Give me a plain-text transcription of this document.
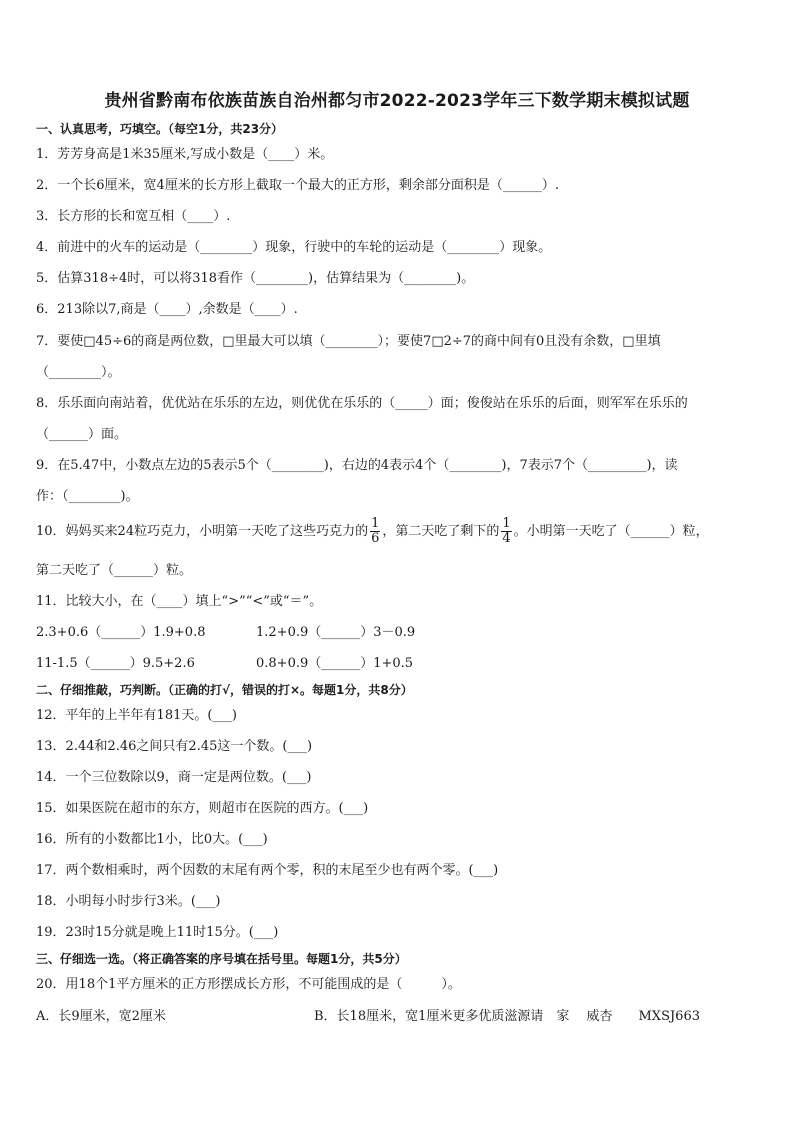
贵州省黔南布依族苗族自治州都匀市2022-2023学年三下数学期末模拟试题
一、认真思考，巧填空。（每空1分，共23分）
1．芳芳身高是1米35厘米,写成小数是（____）米。
2．一个长6厘米，宽4厘米的长方形上截取一个最大的正方形，剩余部分面积是（______）.
3．长方形的长和宽互相（____）.
4．前进中的火车的运动是（________）现象，行驶中的车轮的运动是（________）现象。
5．估算318÷4时，可以将318看作（________)，估算结果为（________)。
6．213除以7,商是（____）,余数是（____）.
7．要使□45÷6的商是两位数，□里最大可以填（________）；要使7□2÷7的商中间有0且没有余数，□里填
（________）。
8．乐乐面向南站着，优优站在乐乐的左边，则优优在乐乐的（_____）面；俊俊站在乐乐的后面，则军军在乐乐的
（______）面。
9．在5.47中，小数点左边的5表示5个（________)，右边的4表示4个（________)，7表示7个（_________)，读
作：（________)。
10．妈妈买来24粒巧克力，小明第一天吃了这些巧克力的 $\frac{1}{6}$ ，第二天吃了剩下的 $\frac{1}{4}$ 。小明第一天吃了（______）粒，
第二天吃了（______）粒。
11．比较大小，在（____）填上“>”“<”或“＝”。
2.3+0.6（______）1.9+0.8	1.2+0.9（______）3－0.9
11-1.5（______）9.5+2.6	0.8+0.9（______）1+0.5
二、仔细推敲，巧判断。（正确的打√，错误的打×。每题1分，共8分）
12．平年的上半年有181天。(___)
13．2.44和2.46之间只有2.45这一个数。(___)
14．一个三位数除以9，商一定是两位数。(___)
15．如果医院在超市的东方，则超市在医院的西方。(___)
16．所有的小数都比1小，比0大。(___)
17．两个数相乘时，两个因数的末尾有两个零，积的末尾至少也有两个零。(___)
18．小明每小时步行3米。(___)
19．23时15分就是晚上11时15分。(___)
三、仔细选一选。（将正确答案的序号填在括号里。每题1分，共5分）
20．用18个1平方厘米的正方形摆成长方形，不可能围成的是（　　　）。
A．长9厘米，宽2厘米	B．长18厘米，宽1厘米更多优质滋源请　家　 威杏　　MXSJ663
